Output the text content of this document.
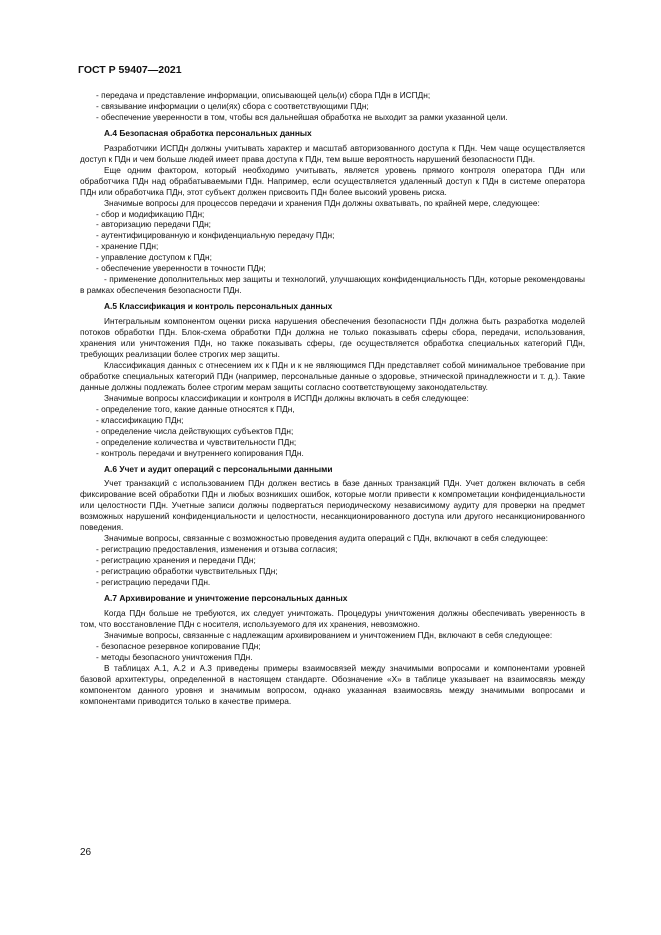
ГОСТ Р 59407—2021

- передача и представление информации, описывающей цель(и) сбора ПДн в ИСПДн;

- связывание информации о цели(ях) сбора с соответствующими ПДн;

- обеспечение уверенности в том, чтобы вся дальнейшая обработка не выходит за рамки указанной цели.

А.4 Безопасная обработка персональных данных

Разработчики ИСПДн должны учитывать характер и масштаб авторизованного доступа к ПДн. Чем чаще осуществляется доступ к ПДн и чем больше людей имеет права доступа к ПДн, тем выше вероятность нарушений безопасности ПДн.

Еще одним фактором, который необходимо учитывать, является уровень прямого контроля оператора ПДн или обработчика ПДн над обрабатываемыми ПДн. Например, если осуществляется удаленный доступ к ПДн в системе оператора ПДн или обработчика ПДн, этот субъект должен присвоить ПДн более высокий уровень риска.

Значимые вопросы для процессов передачи и хранения ПДн должны охватывать, по крайней мере, следующее:

- сбор и модификацию ПДн;

- авторизацию передачи ПДн;

- аутентифицированную и конфиденциальную передачу ПДн;

- хранение ПДн;

- управление доступом к ПДн;

- обеспечение уверенности в точности ПДн;

- применение дополнительных мер защиты и технологий, улучшающих конфиденциальность ПДн, которые рекомендованы в рамках обеспечения безопасности ПДн.

А.5 Классификация и контроль персональных данных

Интегральным компонентом оценки риска нарушения обеспечения безопасности ПДн должна быть разработка моделей потоков обработки ПДн. Блок-схема обработки ПДн должна не только показывать сферы сбора, передачи, использования, хранения или уничтожения ПДн, но также показывать сферы, где осуществляется обработка специальных категорий ПДн, требующих реализации более строгих мер защиты.

Классификация данных с отнесением их к ПДн и к не являющимся ПДн представляет собой минимальное требование при обработке специальных категорий ПДн (например, персональные данные о здоровье, этнической принадлежности и т. д.). Такие данные должны подлежать более строгим мерам защиты согласно соответствующему законодательству.

Значимые вопросы классификации и контроля в ИСПДн должны включать в себя следующее:

- определение того, какие данные относятся к ПДн,

- классификацию ПДн;

- определение числа действующих субъектов ПДн;

- определение количества и чувствительности ПДн;

- контроль передачи и внутреннего копирования ПДн.

А.6 Учет и аудит операций с персональными данными

Учет транзакций с использованием ПДн должен вестись в базе данных транзакций ПДн. Учет должен включать в себя фиксирование всей обработки ПДн и любых возникших ошибок, которые могли привести к компрометации конфиденциальности или целостности ПДн. Учетные записи должны подвергаться периодическому независимому аудиту для проверки на предмет возможных нарушений конфиденциальности и целостности, несанкционированного доступа или другого несанкционированного поведения.

Значимые вопросы, связанные с возможностью проведения аудита операций с ПДн, включают в себя следующее:

- регистрацию предоставления, изменения и отзыва согласия;

- регистрацию хранения и передачи ПДн;

- регистрацию обработки чувствительных ПДн;

- регистрацию передачи ПДн.

А.7 Архивирование и уничтожение персональных данных

Когда ПДн больше не требуются, их следует уничтожать. Процедуры уничтожения должны обеспечивать уверенность в том, что восстановление ПДн с носителя, используемого для их хранения, невозможно.

Значимые вопросы, связанные с надлежащим архивированием и уничтожением ПДн, включают в себя следующее:

- безопасное резервное копирование ПДн;

- методы безопасного уничтожения ПДн.

В таблицах А.1, А.2 и А.3 приведены примеры взаимосвязей между значимыми вопросами и компонентами уровней базовой архитектуры, определенной в настоящем стандарте. Обозначение «X» в таблице указывает на взаимосвязь между компонентом данного уровня и значимым вопросом, однако указанная взаимосвязь между значимыми вопросами и компонентами приводится только в качестве примера.

26
